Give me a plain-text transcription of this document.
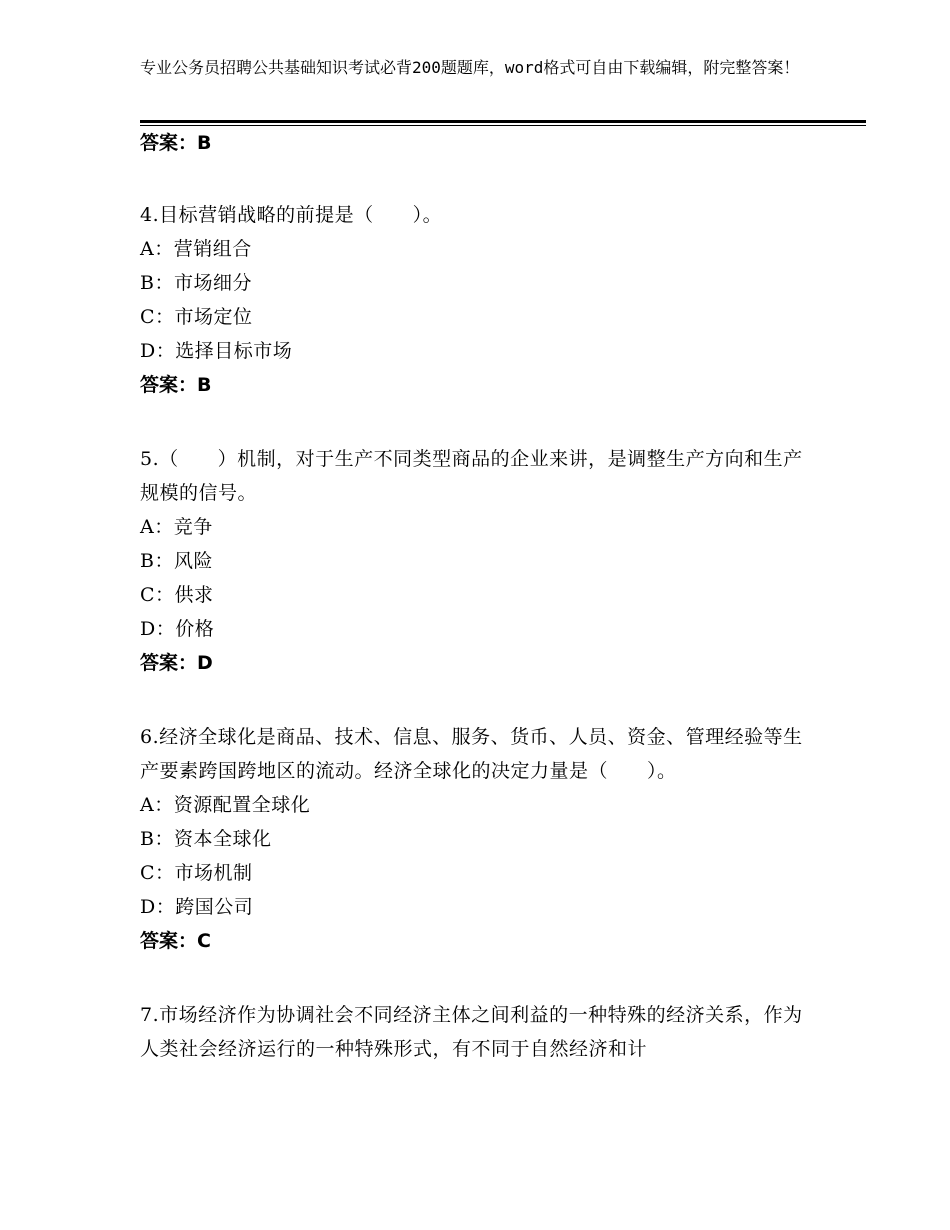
专业公务员招聘公共基础知识考试必背200题题库，word格式可自由下载编辑，附完整答案！
答案：B
4.目标营销战略的前提是（　　）。
A：营销组合
B：市场细分
C：市场定位
D：选择目标市场
答案：B
5.（　　）机制，对于生产不同类型商品的企业来讲，是调整生产方向和生产规模的信号。
A：竞争
B：风险
C：供求
D：价格
答案：D
6.经济全球化是商品、技术、信息、服务、货币、人员、资金、管理经验等生产要素跨国跨地区的流动。经济全球化的决定力量是（　　）。
A：资源配置全球化
B：资本全球化
C：市场机制
D：跨国公司
答案：C
7.市场经济作为协调社会不同经济主体之间利益的一种特殊的经济关系，作为人类社会经济运行的一种特殊形式，有不同于自然经济和计
